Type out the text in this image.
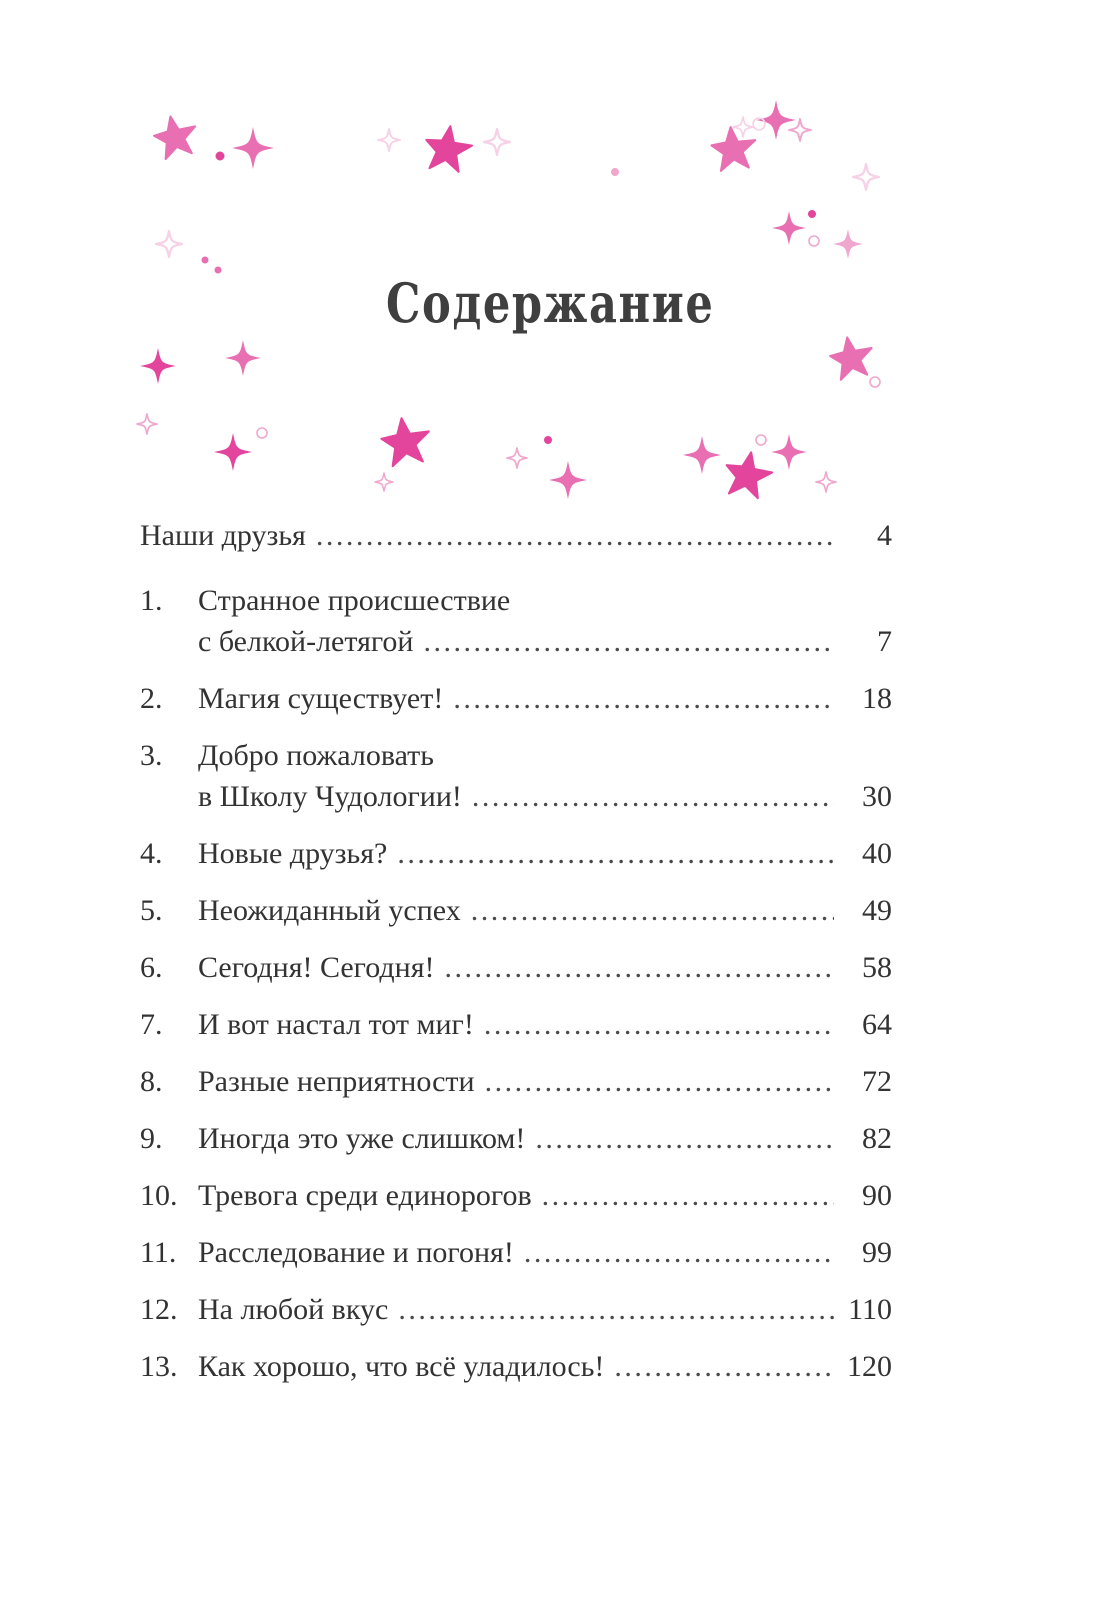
Содержание
Наши друзья .....	4
1.	Странное происшествие
с белкой-летягой .....	7
2.	Магия существует! .....	18
3.	Добро пожаловать
в Школу Чудологии! .....	30
4.	Новые друзья? .....	40
5.	Неожиданный успех .....	49
6.	Сегодня! Сегодня! .....	58
7.	И вот настал тот миг! .....	64
8.	Разные неприятности .....	72
9.	Иногда это уже слишком! .....	82
10. Тревога среди единорогов .....	90
11. Расследование и погоня! .....	99
12. На любой вкус .....	110
13. Как хорошо, что всё уладилось! .....	120
